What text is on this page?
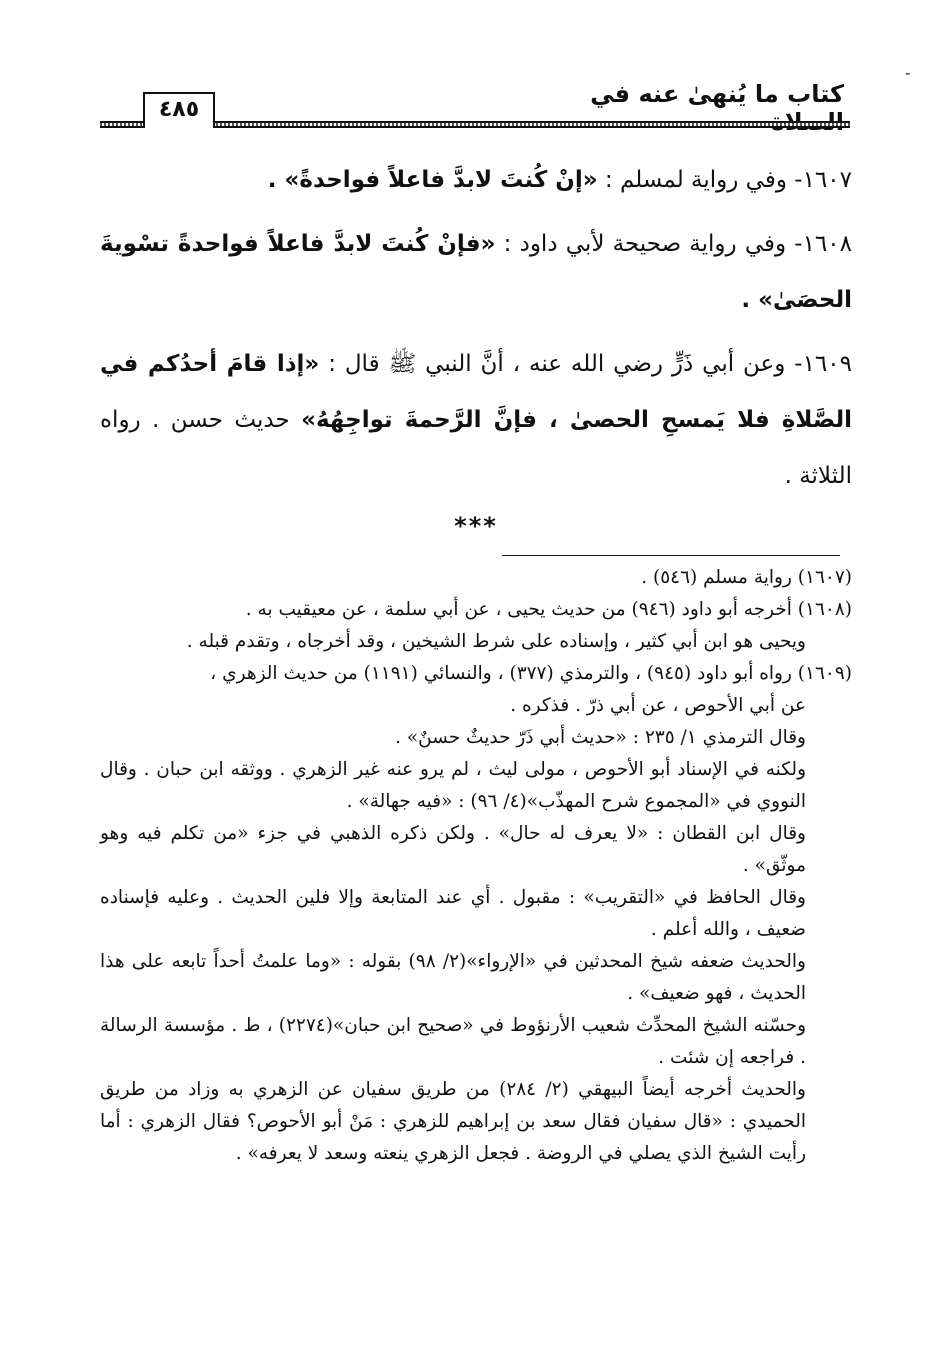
-
كتاب ما يُنهىٰ عنه في
٤٨٥

١٦٠٧- وفي رواية لمسلم : «إنْ كُنتَ لابدَّ فاعلاً فواحدةً» .

١٦٠٨- وفي رواية صحيحة لأبي داود : «فإنْ كُنتَ لابدَّ فاعلاً فواحدةً تسْويةَ الحصَىٰ» .

١٦٠٩- وعن أبي ذَرٍّ رضي الله عنه ، أنَّ النبي ﷺ قال : «إذا قامَ أحدُكم في الصَّلاةِ فلا يَمسحِ الحصىٰ ، فإنَّ الرَّحمةَ تواجِهُهُ» حديث حسن . رواه الثلاثة .

***

(١٦٠٧) رواية مسلم (٥٤٦) .

(١٦٠٨) أخرجه أبو داود (٩٤٦) من حديث يحيى ، عن أبي سلمة ، عن معيقيب به .

ويحيى هو ابن أبي كثير ، وإسناده على شرط الشيخين ، وقد أخرجاه ، وتقدم قبله .

(١٦٠٩) رواه أبو داود (٩٤٥) ، والترمذي (٣٧٧) ، والنسائي (١١٩١) من حديث الزهري ،

عن أبي الأحوص ، عن أبي ذرّ . فذكره .

وقال الترمذي ١/ ٢٣٥ : «حديث أبي ذَرّ حديثٌ حسنٌ» .

ولكنه في الإسناد أبو الأحوص ، مولى ليث ، لم يرو عنه غير الزهري . ووثقه ابن حبان . وقال النووي في «المجموع شرح المهذّب»(٤/ ٩٦) : «فيه جهالة» .

وقال ابن القطان : «لا يعرف له حال» . ولكن ذكره الذهبي في جزء «من تكلم فيه وهو موثّق» .

وقال الحافظ في «التقريب» : مقبول . أي عند المتابعة وإلا فلين الحديث . وعليه فإسناده ضعيف ، والله أعلم .

والحديث ضعفه شيخ المحدثين في «الإرواء»(٢/ ٩٨) بقوله : «وما علمتُ أحداً تابعه على هذا الحديث ، فهو ضعيف» .

وحسّنه الشيخ المحدِّث شعيب الأرنؤوط في «صحيح ابن حبان»(٢٢٧٤) ، ط . مؤسسة الرسالة . فراجعه إن شئت .

والحديث أخرجه أيضاً البيهقي (٢/ ٢٨٤) من طريق سفيان عن الزهري به وزاد من طريق الحميدي : «قال سفيان فقال سعد بن إبراهيم للزهري : مَنْ أبو الأحوص؟ فقال الزهري : أما رأيت الشيخ الذي يصلي في الروضة . فجعل الزهري ينعته وسعد لا يعرفه» .
